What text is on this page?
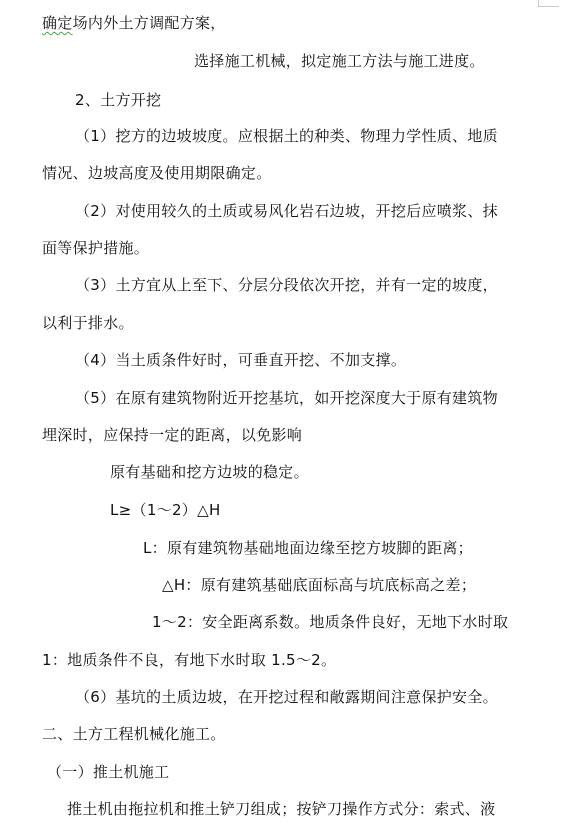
确定场内外土方调配方案，
选择施工机械，拟定施工方法与施工进度。
2、土方开挖
（1）挖方的边坡坡度。应根据土的种类、物理力学性质、地质
情况、边坡高度及使用期限确定。
（2）对使用较久的土质或易风化岩石边坡，开挖后应喷浆、抹
面等保护措施。
（3）土方宜从上至下、分层分段依次开挖，并有一定的坡度，
以利于排水。
（4）当土质条件好时，可垂直开挖、不加支撑。
（5）在原有建筑物附近开挖基坑，如开挖深度大于原有建筑物
埋深时，应保持一定的距离，以免影响
原有基础和挖方边坡的稳定。
L≥（1～2）△H
L：原有建筑物基础地面边缘至挖方坡脚的距离；
△H：原有建筑基础底面标高与坑底标高之差；
1～2：安全距离系数。地质条件良好，无地下水时取
1：地质条件不良，有地下水时取 1.5～2。
（6）基坑的土质边坡，在开挖过程和敞露期间注意保护安全。
二、土方工程机械化施工。
（一）推土机施工
推土机由拖拉机和推土铲刀组成；按铲刀操作方式分：索式、液
